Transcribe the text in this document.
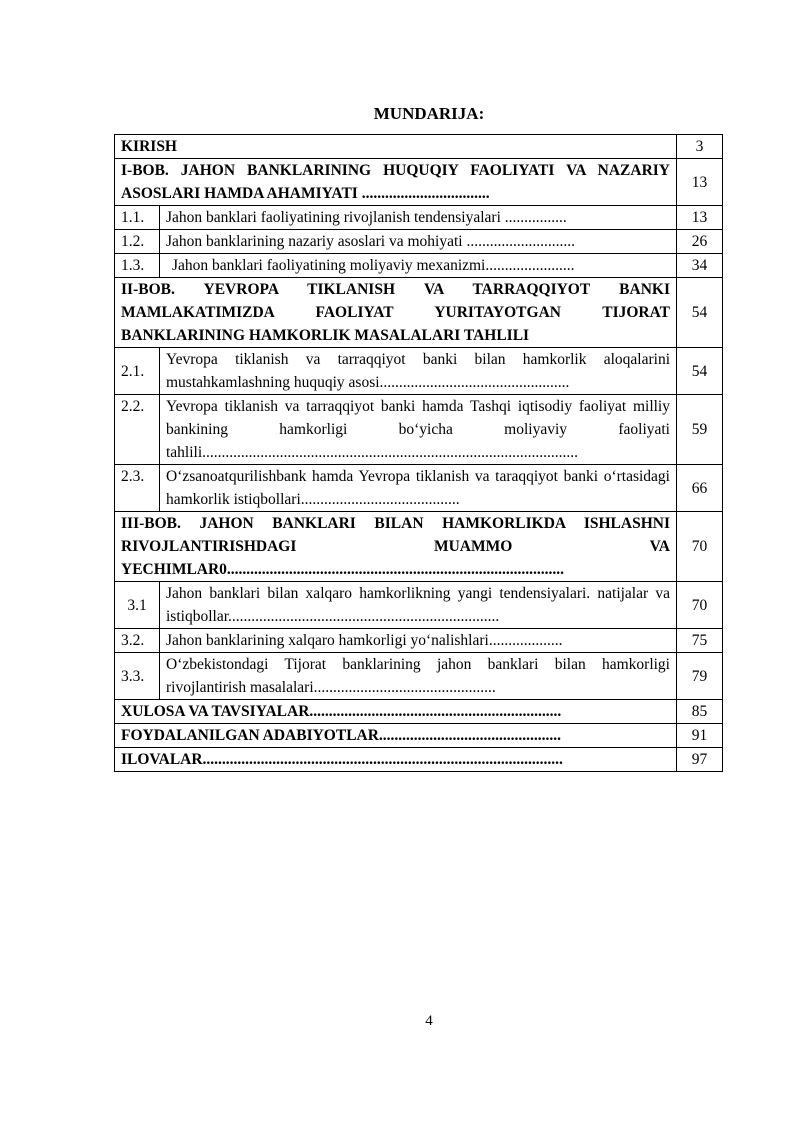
MUNDARIJA:
KIRISH		3
I-BOB. JAHON BANKLARINING HUQUQIY FAOLIYATI VA NAZARIY ASOSLARI HAMDA AHAMIYATI .................................		13
1.1.	Jahon banklari faoliyatining rivojlanish tendensiyalari ................	13
1.2.	Jahon banklarining nazariy asoslari va mohiyati ............................	26
1.3.	Jahon banklari faoliyatining moliyaviy mexanizmi.......................	34
II-BOB. YEVROPA TIKLANISH VA TARRAQQIYOT BANKI MAMLAKATIMIZDA FAOLIYAT YURITAYOTGAN TIJORAT BANKLARINING HAMKORLIK MASALALARI TAHLILI		54
2.1.	Yevropa tiklanish va tarraqqiyot banki bilan hamkorlik aloqalarini mustahkamlashning huquqiy asosi.................................................	54
2.2.	Yevropa tiklanish va tarraqqiyot banki hamda Tashqi iqtisodiy faoliyat milliy bankining hamkorligi bo‘yicha moliyaviy faoliyati tahlili.................................................................................................	59
2.3.	O‘zsanoatqurilishbank hamda Yevropa tiklanish va taraqqiyot banki o‘rtasidagi hamkorlik istiqbollari.........................................	66
III-BOB. JAHON BANKLARI BILAN HAMKORLIKDA ISHLASHNI RIVOJLANTIRISHDAGI MUAMMO VA YECHIMLAR0.......................................................................................		70
3.1	Jahon banklari bilan xalqaro hamkorlikning yangi tendensiyalari. natijalar va istiqbollar......................................................................	70
3.2.	Jahon banklarining xalqaro hamkorligi yo‘nalishlari...................	75
3.3.	O‘zbekistondagi Tijorat banklarining jahon banklari bilan hamkorligi rivojlantirish masalalari...............................................	79
XULOSA VA TAVSIYALAR.................................................................		85
FOYDALANILGAN ADABIYOTLAR...............................................		91
ILOVALAR.............................................................................................		97
4
